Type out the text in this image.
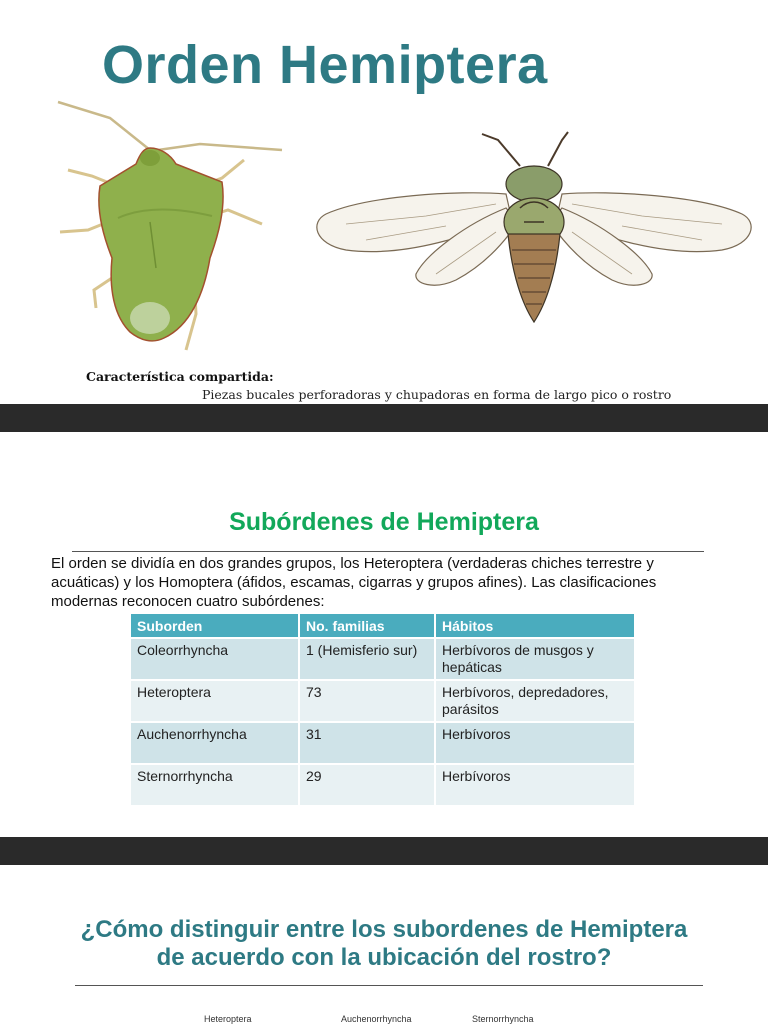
Orden Hemiptera
Característica compartida:
Piezas bucales perforadoras y chupadoras en forma de largo pico o rostro
Subórdenes de Hemiptera
El orden se dividía en dos grandes grupos, los Heteroptera (verdaderas chiches terrestre y acuáticas) y los Homoptera (áfidos, escamas, cigarras y grupos afines). Las clasificaciones modernas reconocen cuatro subórdenes:
Suborden	No. familias	Hábitos
Coleorrhyncha	1 (Hemisferio sur)	Herbívoros de musgos y hepáticas
Heteroptera	73	Herbívoros, depredadores, parásitos
Auchenorrhyncha	31	Herbívoros
Sternorrhyncha	29	Herbívoros
¿Cómo distinguir entre los subordenes de Hemiptera de acuerdo con la ubicación del rostro?
Heteroptera	Auchenorrhyncha	Sternorrhyncha
